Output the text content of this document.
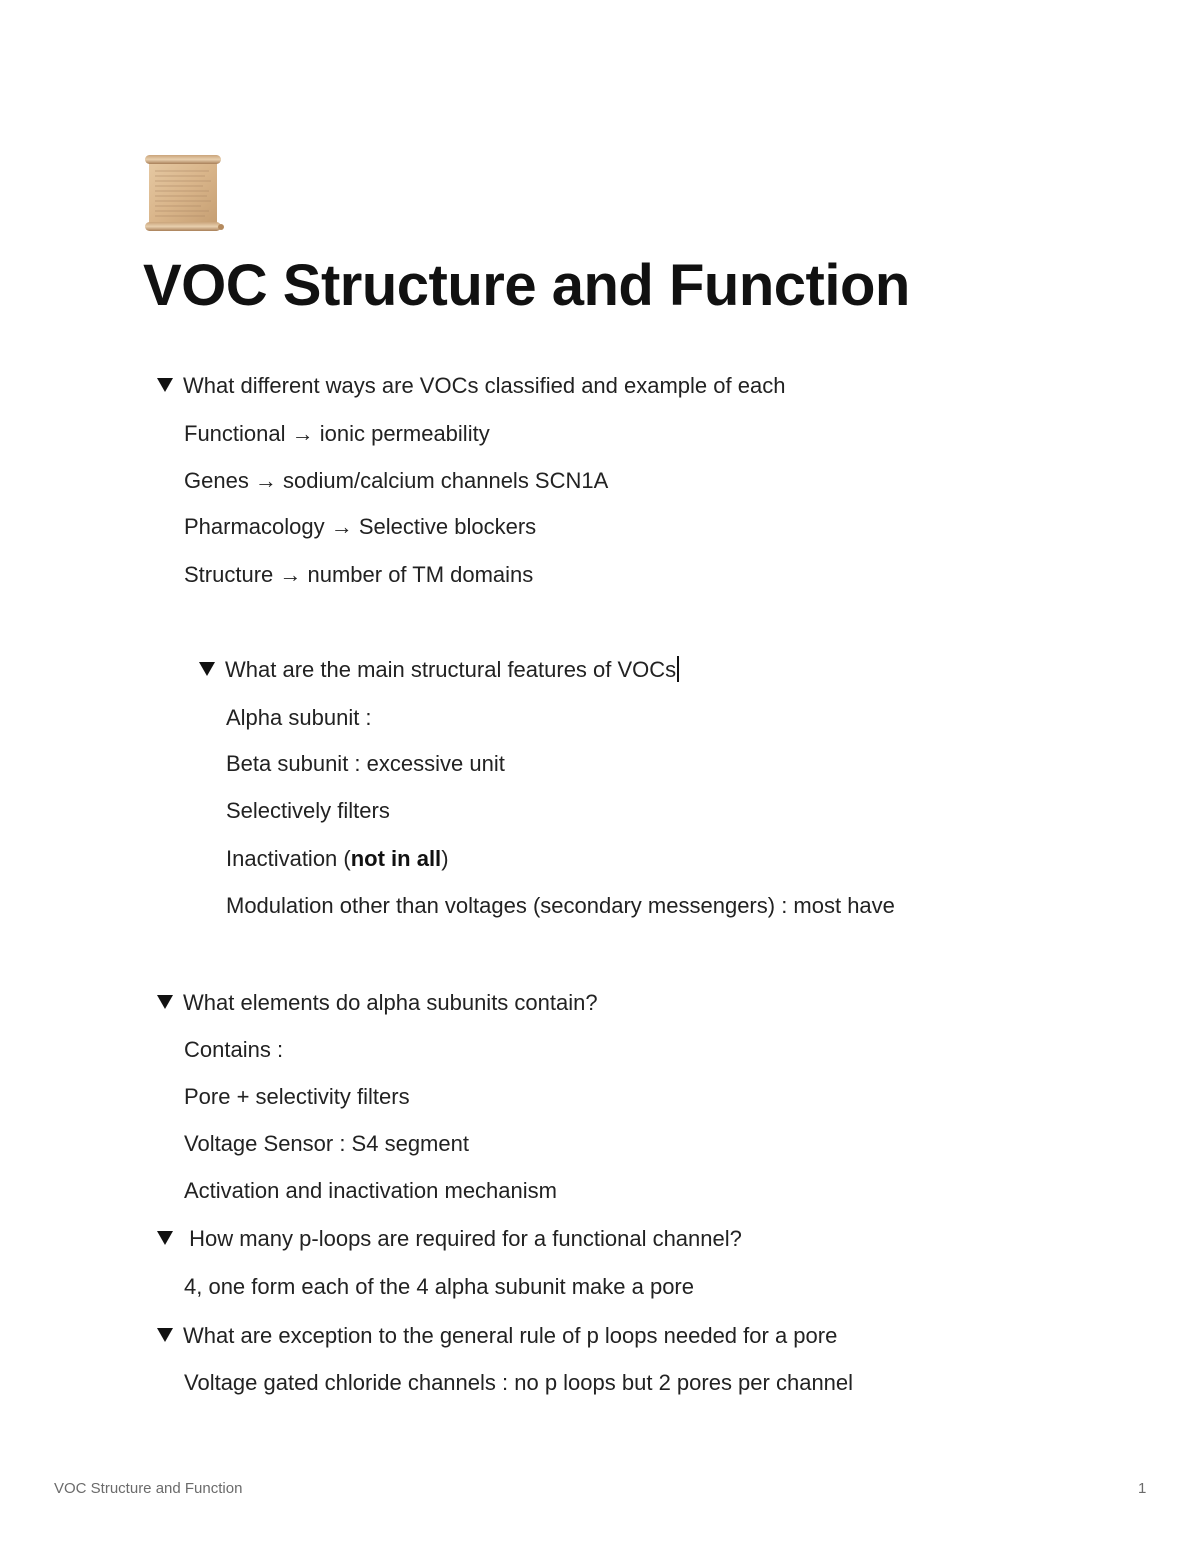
VOC Structure and Function
What different ways are VOCs classified and example of each
Functional → ionic permeability
Genes → sodium/calcium channels SCN1A
Pharmacology → Selective blockers
Structure → number of TM domains
What are the main structural features of VOCs
Alpha subunit :
Beta subunit : excessive unit
Selectively filters
Inactivation (not in all)
Modulation other than voltages (secondary messengers) : most have
What elements do alpha subunits contain?
Contains :
Pore + selectivity filters
Voltage Sensor : S4 segment
Activation and inactivation mechanism
How many p-loops are required for a functional channel?
4, one form each of the 4 alpha subunit make a pore
What are exception to the general rule of p loops needed for a pore
Voltage gated chloride channels : no p loops but 2 pores per channel
VOC Structure and Function	1
